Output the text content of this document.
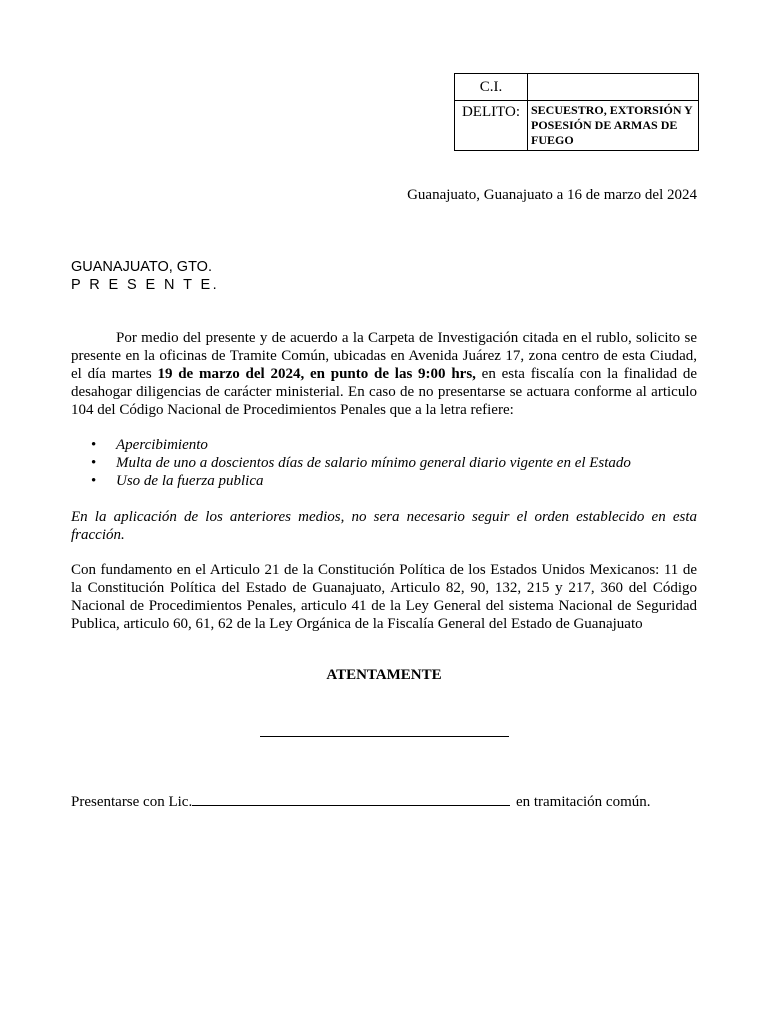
C.I.	
DELITO:	SECUESTRO, EXTORSIÓN Y POSESIÓN DE ARMAS DE FUEGO
Guanajuato, Guanajuato a 16 de marzo del 2024
GUANAJUATO, GTO.
P R E S E N T E.
Por medio del presente y de acuerdo a la Carpeta de Investigación citada en el rublo, solicito se presente en la oficinas de Tramite Común, ubicadas en Avenida Juárez 17, zona centro de esta Ciudad, el día martes 19 de marzo del 2024, en punto de las 9:00 hrs, en esta fiscalía con la finalidad de desahogar diligencias de carácter ministerial. En caso de no presentarse se actuara conforme al articulo 104 del Código Nacional de Procedimientos Penales que a la letra refiere:
• Apercibimiento
• Multa de uno a doscientos días de salario mínimo general diario vigente en el Estado
• Uso de la fuerza publica
En la aplicación de los anteriores medios, no sera necesario seguir el orden establecido en esta fracción.
Con fundamento en el Articulo 21 de la Constitución Política de los Estados Unidos Mexicanos: 11 de la Constitución Política del Estado de Guanajuato, Articulo 82, 90, 132, 215 y 217, 360 del Código Nacional de Procedimientos Penales, articulo 41 de la Ley General del sistema Nacional de Seguridad Publica, articulo 60, 61, 62 de la Ley Orgánica de la Fiscalía General del Estado de Guanajuato
ATENTAMENTE
Presentarse con Lic.	en tramitación común.
